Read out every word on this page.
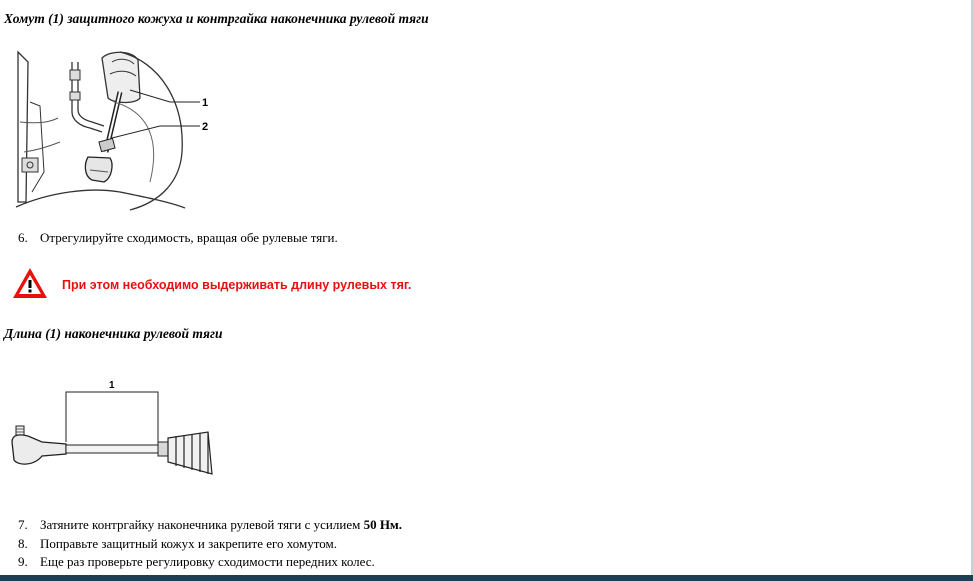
Хомут (1) защитного кожуха и контргайка наконечника рулевой тяги

1
2
6. Отрегулируйте сходимость, вращая обе рулевые тяги.
При этом необходимо выдерживать длину рулевых тяг.

Длина (1) наконечника рулевой тяги

1
7. Затяните контргайку наконечника рулевой тяги с усилием 50 Нм.
8. Поправьте защитный кожух и закрепите его хомутом.
9. Еще раз проверьте регулировку сходимости передних колес.
